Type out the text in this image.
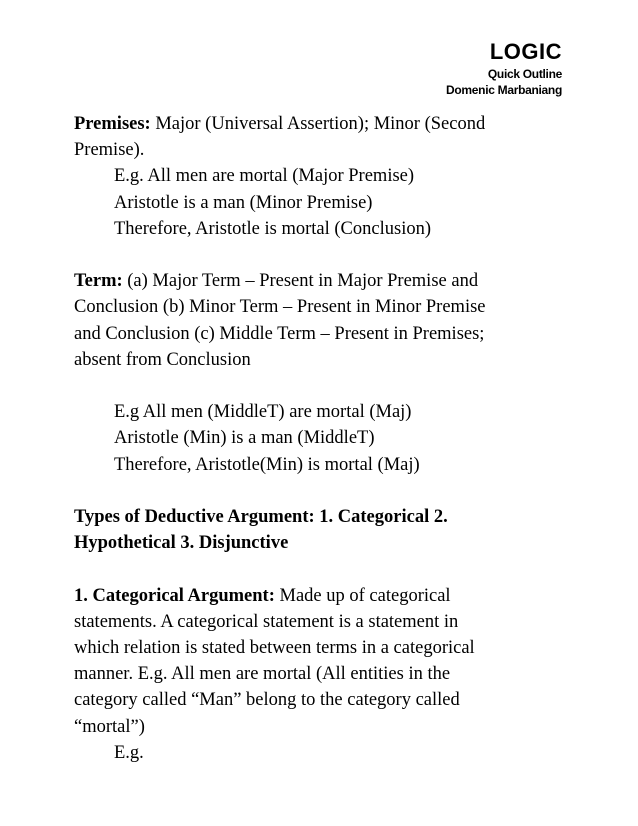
LOGIC
Quick Outline
Domenic Marbaniang
Premises: Major (Universal Assertion); Minor (Second
Premise).
E.g. All men are mortal (Major Premise)
Aristotle is a man (Minor Premise)
Therefore, Aristotle is mortal (Conclusion)
Term: (a) Major Term – Present in Major Premise and
Conclusion (b) Minor Term – Present in Minor Premise
and Conclusion (c) Middle Term – Present in Premises;
absent from Conclusion
E.g All men (MiddleT) are mortal (Maj)
Aristotle (Min) is a man (MiddleT)
Therefore, Aristotle(Min) is mortal (Maj)
Types of Deductive Argument: 1. Categorical 2.
Hypothetical 3. Disjunctive
1. Categorical Argument: Made up of categorical
statements. A categorical statement is a statement in
which relation is stated between terms in a categorical
manner. E.g. All men are mortal (All entities in the
category called “Man” belong to the category called
“mortal”)
E.g.
